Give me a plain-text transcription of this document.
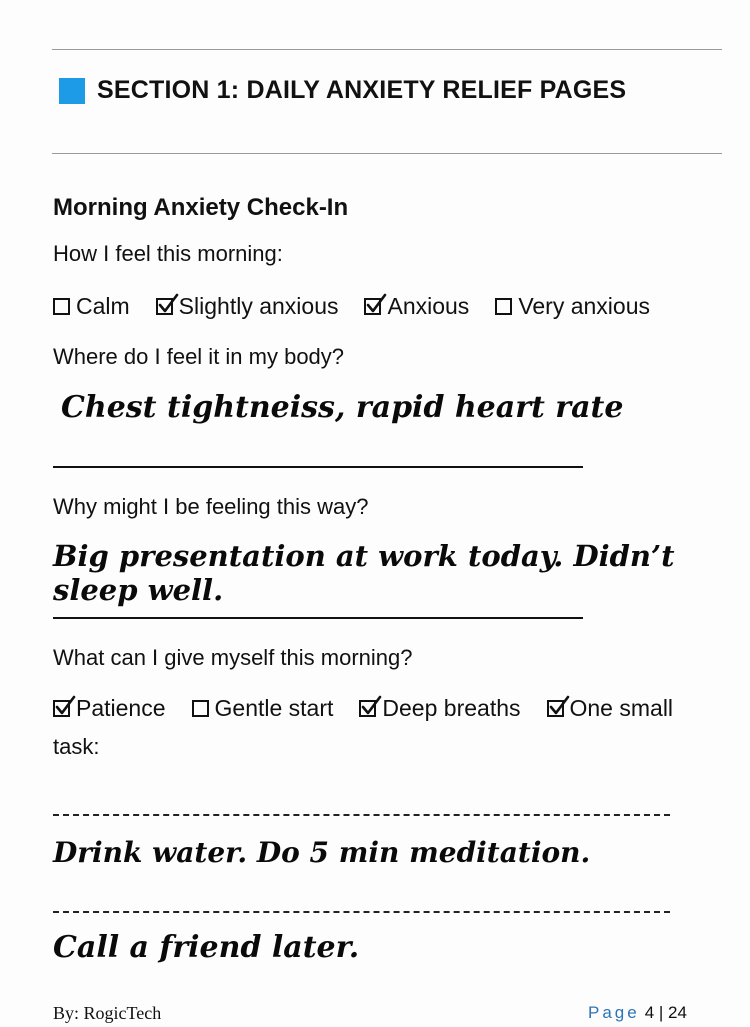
SECTION 1: DAILY ANXIETY RELIEF PAGES
Morning Anxiety Check-In
How I feel this morning:
Calm Slightly anxious Anxious Very anxious
Where do I feel it in my body?
Chest tightneiss, rapid heart rate
Why might I be feeling this way?
Big presentation at work today. Didn’t sleep well.
What can I give myself this morning?
Patience Gentle start Deep breaths One small
task:
Drink water. Do 5 min meditation.
Call a friend later.
By: RogicTech	Page 4 | 24
